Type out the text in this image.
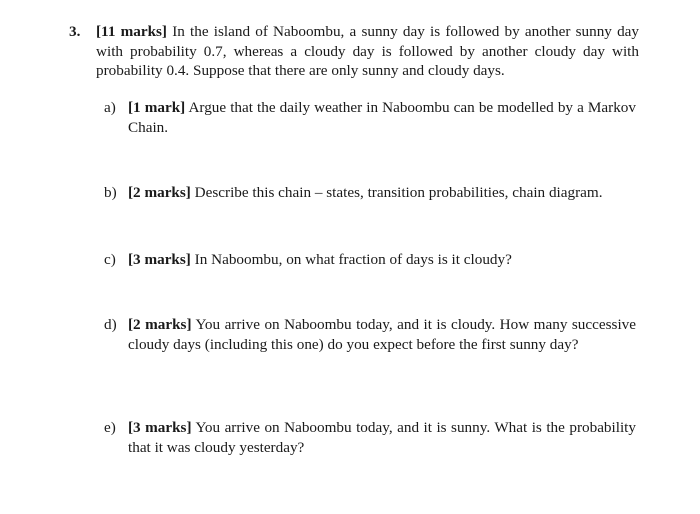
3. [11 marks] In the island of Naboombu, a sunny day is followed by another sunny day with probability 0.7, whereas a cloudy day is followed by another cloudy day with probability 0.4. Suppose that there are only sunny and cloudy days.
a) [1 mark] Argue that the daily weather in Naboombu can be modelled by a Markov Chain.
b) [2 marks] Describe this chain – states, transition probabilities, chain diagram.
c) [3 marks] In Naboombu, on what fraction of days is it cloudy?
d) [2 marks] You arrive on Naboombu today, and it is cloudy. How many successive cloudy days (including this one) do you expect before the first sunny day?
e) [3 marks] You arrive on Naboombu today, and it is sunny. What is the probability that it was cloudy yesterday?
